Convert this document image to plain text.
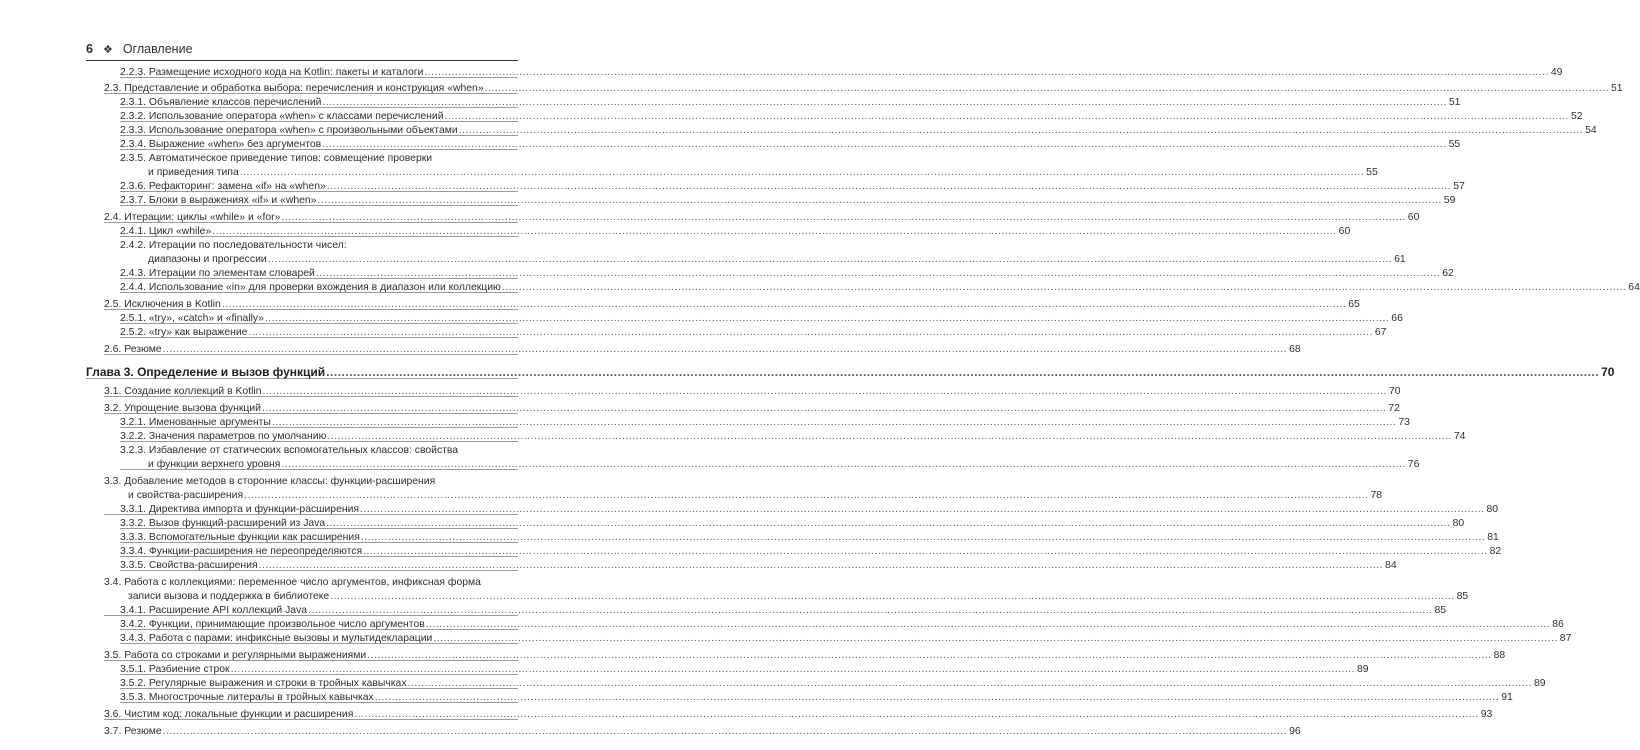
6 ❖ Оглавление
2.2.3. Размещение исходного кода на Kotlin: пакеты и каталоги .....	49
2.3. Представление и обработка выбора: перечисления и конструкция «when» .....	51
2.3.1. Объявление классов перечислений .....	51
2.3.2. Использование оператора «when» с классами перечислений .....	52
2.3.3. Использование оператора «when» с произвольными объектами .....	54
2.3.4. Выражение «when» без аргументов .....	55
2.3.5. Автоматическое приведение типов: совмещение проверки
и приведения типа .....	55
2.3.6. Рефакторинг: замена «if» на «when» .....	57
2.3.7. Блоки в выражениях «if» и «when» .....	59
2.4. Итерации: циклы «while» и «for» .....	60
2.4.1. Цикл «while» .....	60
2.4.2. Итерации по последовательности чисел:
диапазоны и прогрессии .....	61
2.4.3. Итерации по элементам словарей .....	62
2.4.4. Использование «in» для проверки вхождения в диапазон или коллекцию .....	64
2.5. Исключения в Kotlin .....	65
2.5.1. «try», «catch» и «finally» .....	66
2.5.2. «try» как выражение .....	67
2.6. Резюме .....	68
Глава 3. Определение и вызов функций .....	70
3.1. Создание коллекций в Kotlin .....	70
3.2. Упрощение вызова функций .....	72
3.2.1. Именованные аргументы .....	73
3.2.2. Значения параметров по умолчанию .....	74
3.2.3. Избавление от статических вспомогательных классов: свойства
и функции верхнего уровня .....	76
3.3. Добавление методов в сторонние классы: функции-расширения
и свойства-расширения .....	78
3.3.1. Директива импорта и функции-расширения .....	80
3.3.2. Вызов функций-расширений из Java .....	80
3.3.3. Вспомогательные функции как расширения .....	81
3.3.4. Функции-расширения не переопределяются .....	82
3.3.5. Свойства-расширения .....	84
3.4. Работа с коллекциями: переменное число аргументов, инфиксная форма
записи вызова и поддержка в библиотеке .....	85
3.4.1. Расширение API коллекций Java .....	85
3.4.2. Функции, принимающие произвольное число аргументов .....	86
3.4.3. Работа с парами: инфиксные вызовы и мультидекларации .....	87
3.5. Работа со строками и регулярными выражениями .....	88
3.5.1. Разбиение строк .....	89
3.5.2. Регулярные выражения и строки в тройных кавычках .....	89
3.5.3. Многострочные литералы в тройных кавычках .....	91
3.6. Чистим код: локальные функции и расширения .....	93
3.7. Резюме .....	96
